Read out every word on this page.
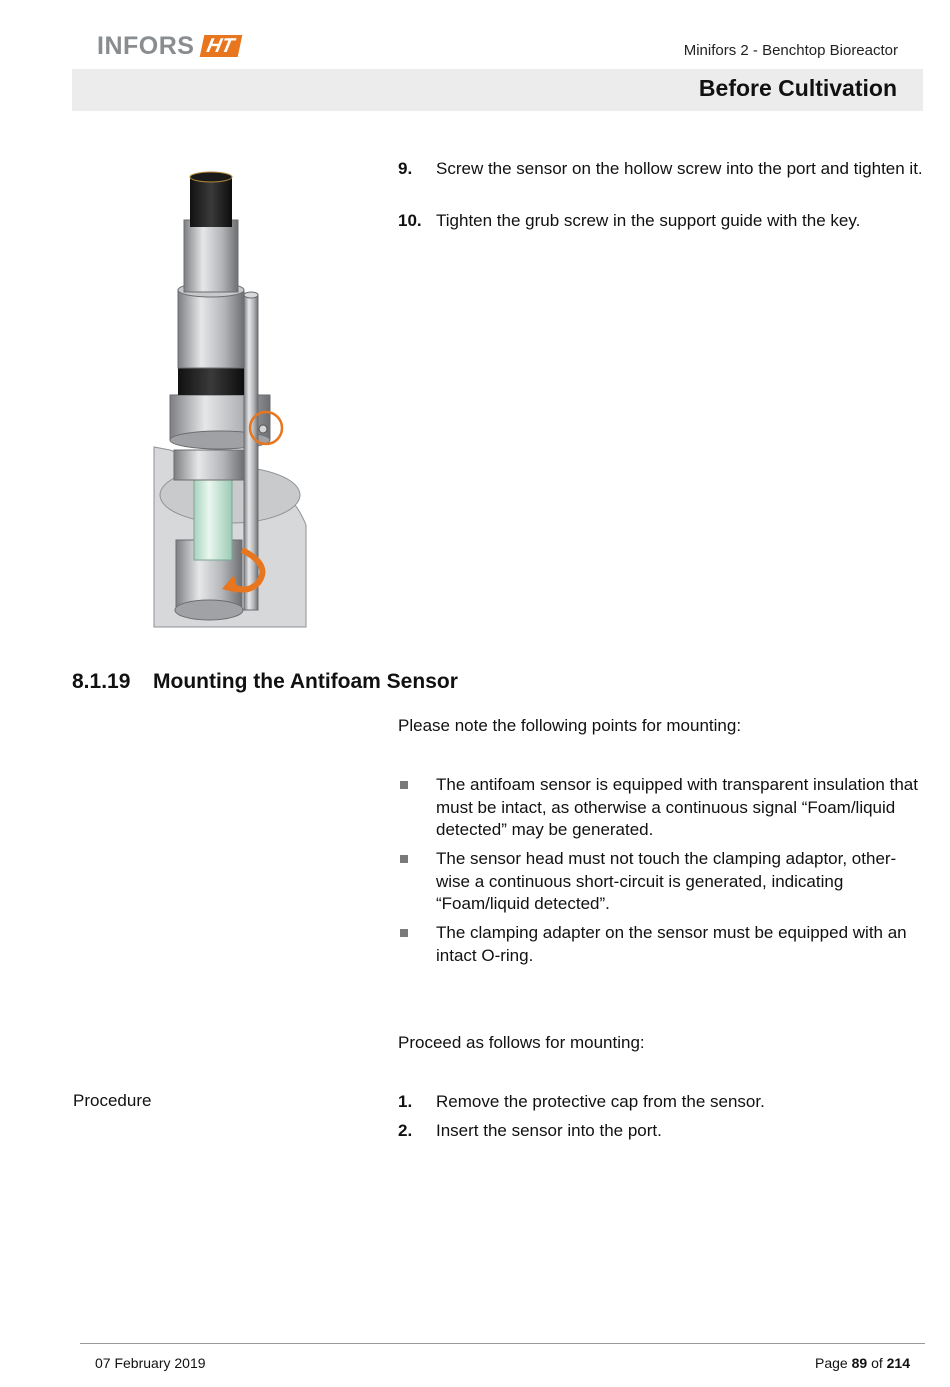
INFORS HT	Minifors 2 - Benchtop Bioreactor
Before Cultivation
9.	Screw the sensor on the hollow screw into the port and tighten it.
10. Tighten the grub screw in the support guide with the key.
8.1.19	Mounting the Antifoam Sensor
Please note the following points for mounting:
The antifoam sensor is equipped with transparent insulation that must be intact, as otherwise a continuous signal “Foam/liquid detected” may be generated.
The sensor head must not touch the clamping adaptor, other-wise a continuous short-circuit is generated, indicating “Foam/liquid detected”.
The clamping adapter on the sensor must be equipped with an intact O-ring.
Proceed as follows for mounting:
Procedure	1.	Remove the protective cap from the sensor.
2.	Insert the sensor into the port.
07 February 2019	Page 89 of 214
